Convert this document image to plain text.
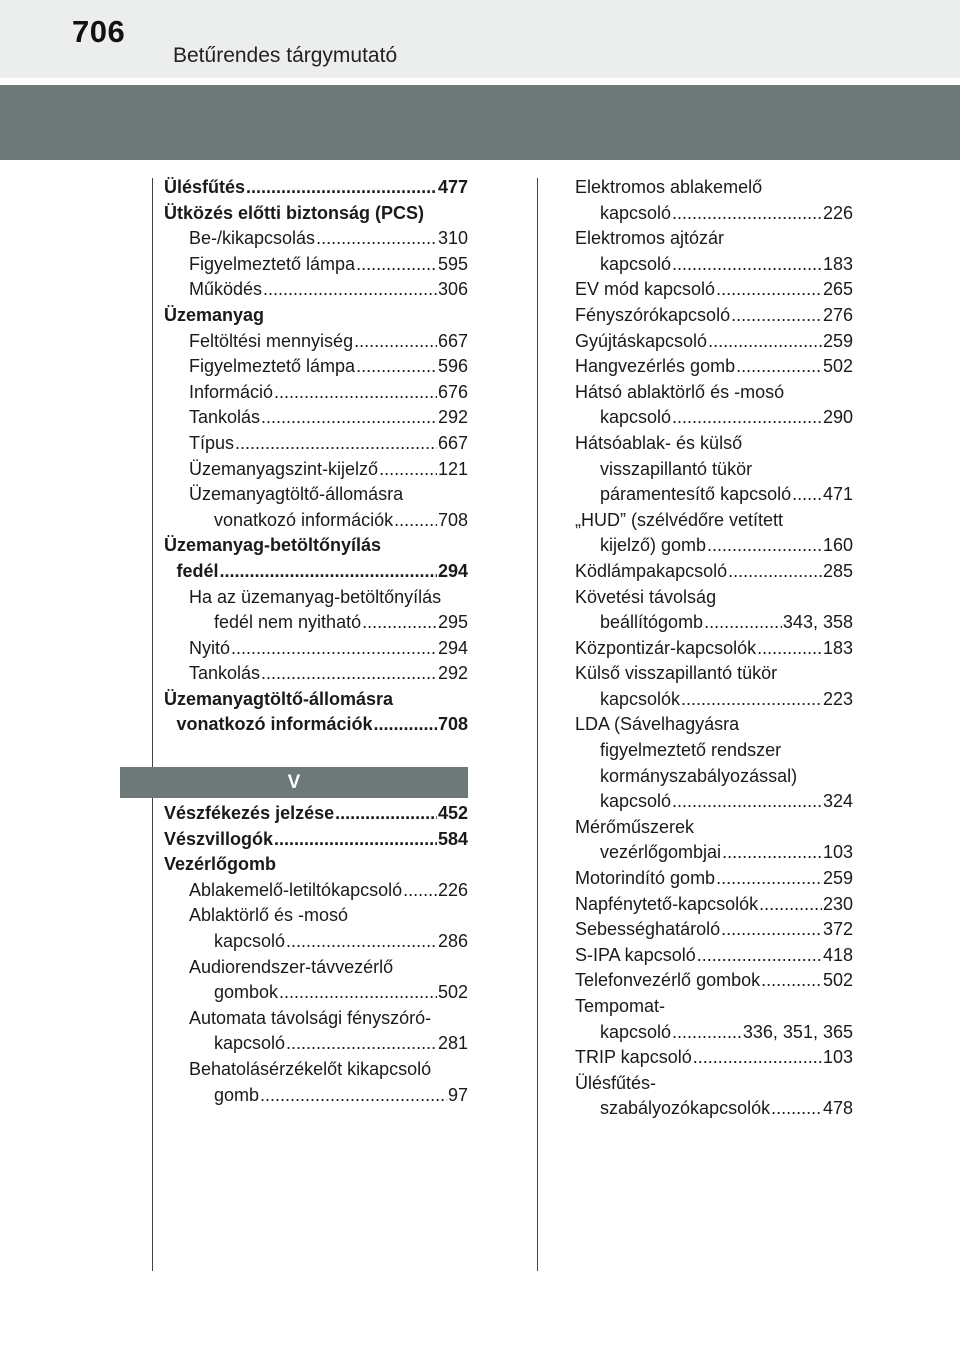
706
Betűrendes tárgymutató
Ülésfűtés .....	477
Ütközés előtti biztonság (PCS)
Be-/kikapcsolás .....	310
Figyelmeztető lámpa .....	595
Működés .....	306
Üzemanyag
Feltöltési mennyiség .....	667
Figyelmeztető lámpa .....	596
Információ .....	676
Tankolás .....	292
Típus .....	667
Üzemanyagszint-kijelző .....	121
Üzemanyagtöltő-állomásra
vonatkozó információk ..... 708
Üzemanyag-betöltőnyílás
fedél .....	294
Ha az üzemanyag-betöltőnyílás
fedél nem nyitható .....	295
Nyitó .....	294
Tankolás .....	292
Üzemanyagtöltő-állomásra
vonatkozó információk .....	708
V
Vészfékezés jelzése .....	452
Vészvillogók .....	584
Vezérlőgomb
Ablakemelő-letiltókapcsoló ..... 226
Ablaktörlő és -mosó
kapcsoló .....	286
Audiorendszer-távvezérlő
gombok .....	502
Automata távolsági fényszóró-
kapcsoló .....	281
Behatolásérzékelőt kikapcsoló
gomb .....	97
Elektromos ablakemelő
kapcsoló .....	226
Elektromos ajtózár
kapcsoló .....	183
EV mód kapcsoló .....	265
Fényszórókapcsoló .....	276
Gyújtáskapcsoló .....	259
Hangvezérlés gomb .....	502
Hátsó ablaktörlő és -mosó
kapcsoló .....	290
Hátsóablak- és külső
visszapillantó tükör
páramentesítő kapcsoló ..... 471
„HUD” (szélvédőre vetített
kijelző) gomb .....	160
Ködlámpakapcsoló .....	285
Követési távolság
beállítógomb .....	343, 358
Központizár-kapcsolók .....	183
Külső visszapillantó tükör
kapcsolók .....	223
LDA (Sávelhagyásra
figyelmeztető rendszer
kormányszabályozással)
kapcsoló .....	324
Mérőműszerek
vezérlőgombjai .....	103
Motorindító gomb .....	259
Napfénytető-kapcsolók .....	230
Sebességhatároló .....	372
S-IPA kapcsoló .....	418
Telefonvezérlő gombok .....	502
Tempomat-
kapcsoló .....	336, 351, 365
TRIP kapcsoló .....	103
Ülésfűtés-
szabályozókapcsolók .....	478
